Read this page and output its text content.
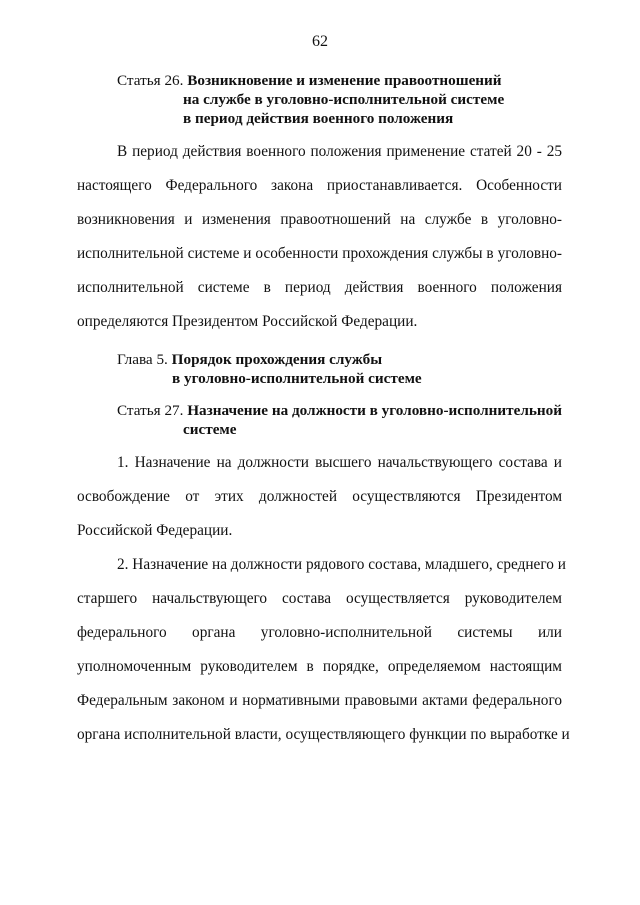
62
Статья 26. Возникновение и изменение правоотношений
на службе в уголовно-исполнительной системе
в период действия военного положения
В период действия военного положения применение статей 20 - 25
настоящего Федерального закона приостанавливается. Особенности
возникновения и изменения правоотношений на службе в уголовно-
исполнительной системе и особенности прохождения службы в уголовно-
исполнительной системе в период действия военного положения
определяются Президентом Российской Федерации.
Глава 5. Порядок прохождения службы
в уголовно-исполнительной системе
Статья 27. Назначение на должности в уголовно-исполнительной
системе
1. Назначение на должности высшего начальствующего состава и
освобождение от этих должностей осуществляются Президентом
Российской Федерации.
2. Назначение на должности рядового состава, младшего, среднего и
старшего начальствующего состава осуществляется руководителем
федерального органа уголовно-исполнительной системы или
уполномоченным руководителем в порядке, определяемом настоящим
Федеральным законом и нормативными правовыми актами федерального
органа исполнительной власти, осуществляющего функции по выработке и
